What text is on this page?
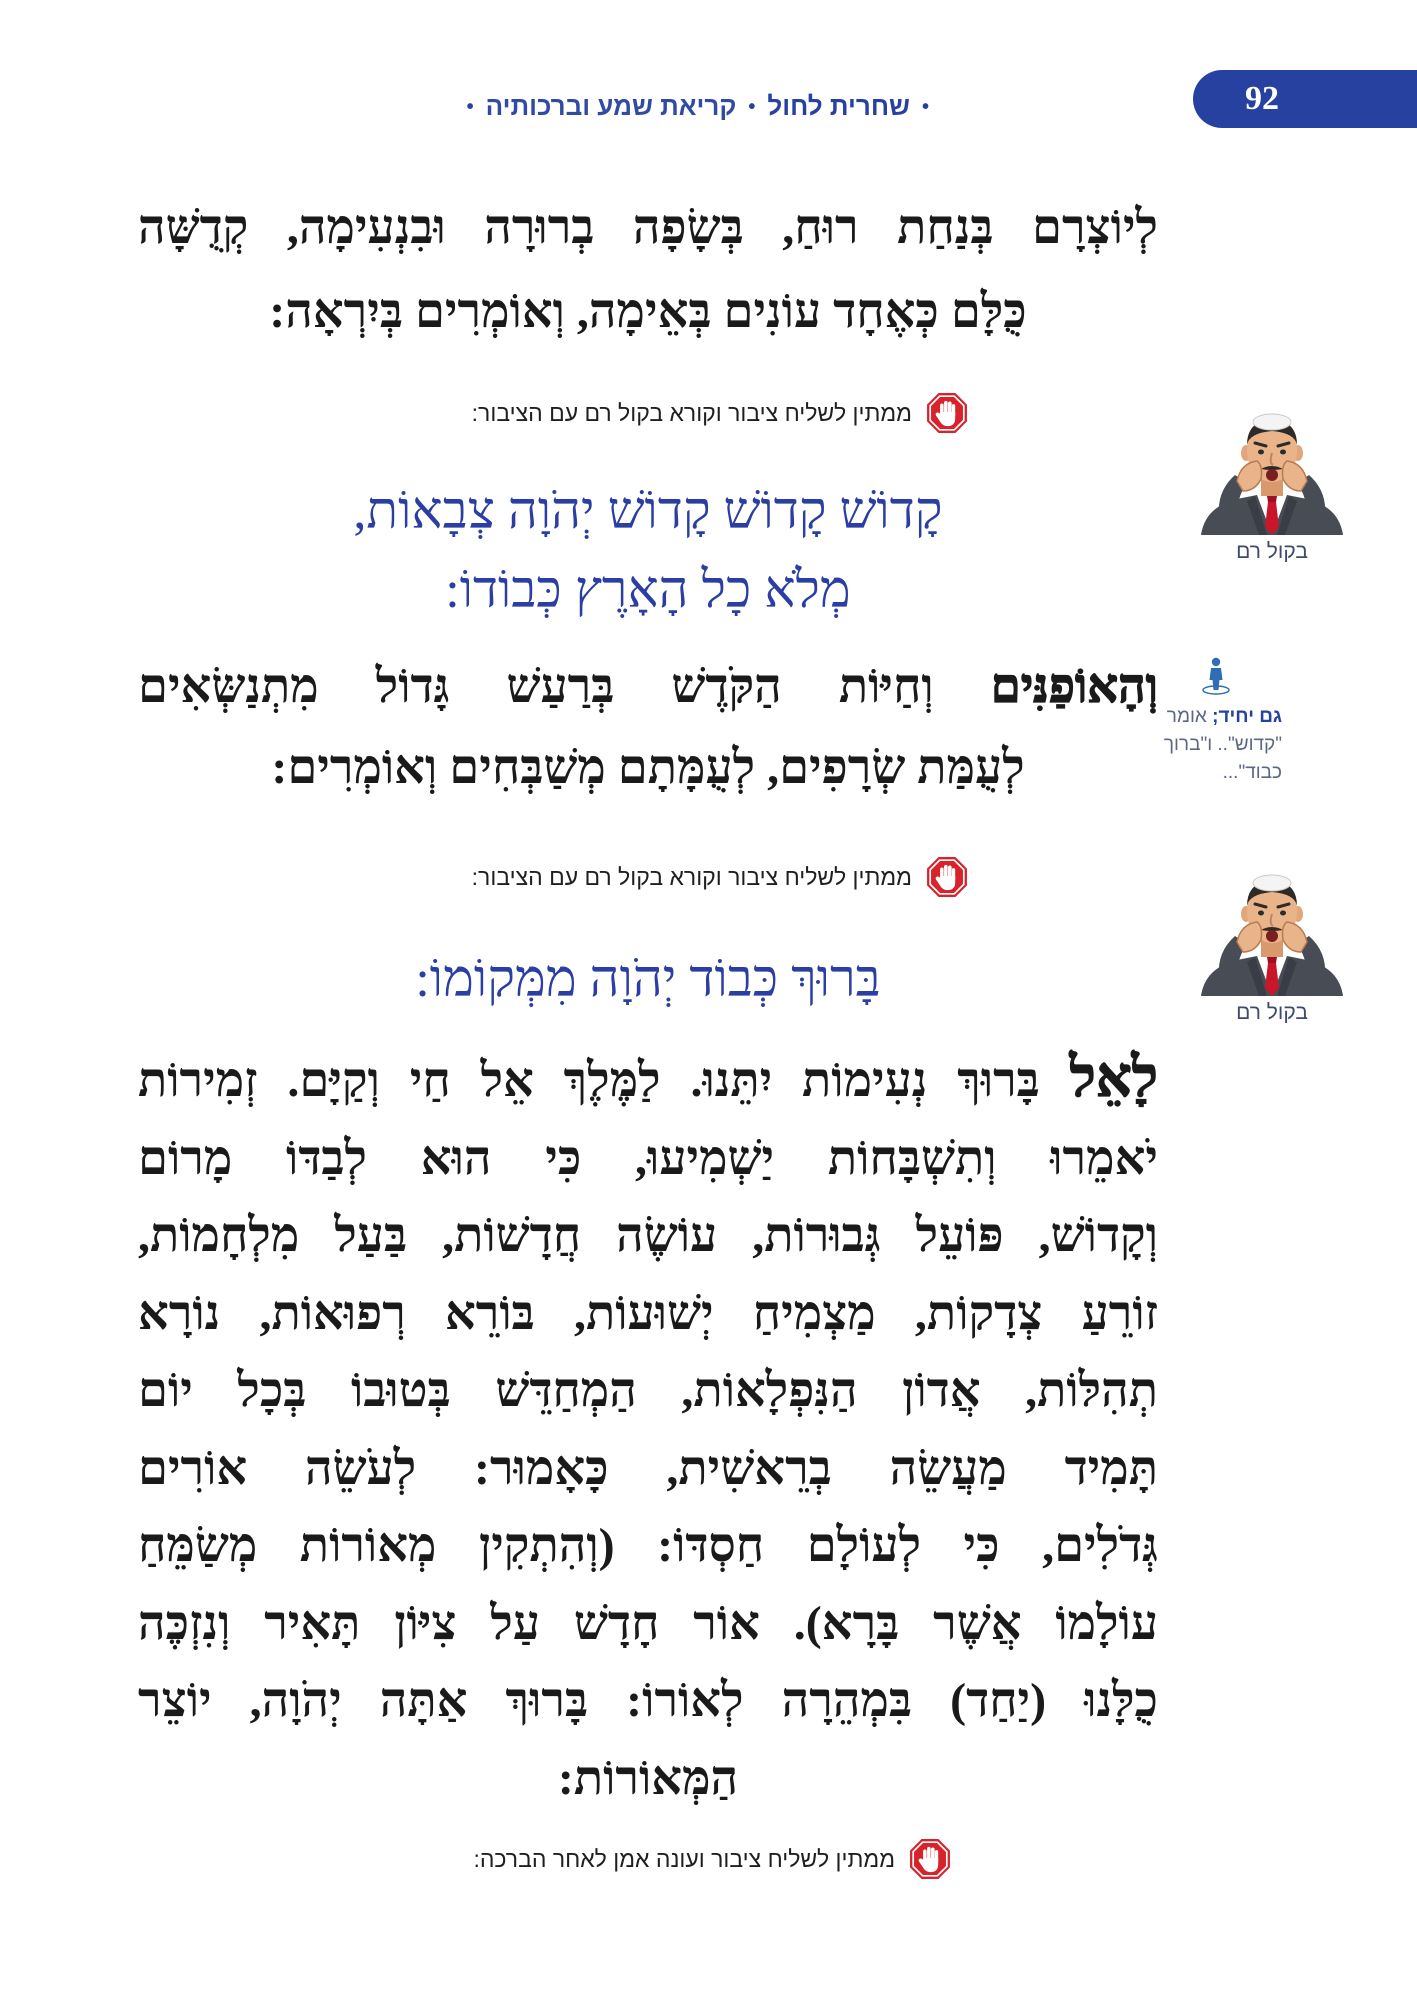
92
•שחרית לחול•קריאת שמע וברכותיה•
לְיוֹצְרָם בְּנַחַת רוּחַ, בְּשָׂפָה בְרוּרָה וּבִנְעִימָה, קְדֻשָּׁה
כֻּלָּם כְּאֶחָד עוֹנִים בְּאֵימָה, וְאוֹמְרִים בְּיִרְאָה:
ממתין לשליח ציבור וקורא בקול רם עם הציבור:
קָדוֹשׁ קָדוֹשׁ קָדוֹשׁ יְהֹוָה צְבָאוֹת,
מְלֹא כָל הָאָרֶץ כְּבוֹדוֹ:
בקול רם
וְהָאוֹפַנִּים וְחַיּוֹת הַקֹּדֶשׁ בְּרַעַשׁ גָּדוֹל מִתְנַשְּׂאִים
לְעֻמַּת שְׂרָפִים, לְעֻמָּתָם מְשַׁבְּחִים וְאוֹמְרִים:
גם יחיד; אומר
"קדוש".. ו"ברוך
כבוד"...
ממתין לשליח ציבור וקורא בקול רם עם הציבור:
בָּרוּךְ כְּבוֹד יְהֹוָה מִמְּקוֹמוֹ:
בקול רם
לָאֵל בָּרוּךְ נְעִימוֹת יִתֵּנוּ. לַמֶּלֶךְ אֵל חַי וְקַיָּם. זְמִירוֹת
יֹאמֵרוּ וְתִשְׁבָּחוֹת יַשְׁמִיעוּ, כִּי הוּא לְבַדּוֹ מָרוֹם
וְקָדוֹשׁ, פּוֹעֵל גְּבוּרוֹת, עוֹשֶׂה חֲדָשׁוֹת, בַּעַל מִלְחָמוֹת,
זוֹרֵעַ צְדָקוֹת, מַצְמִיחַ יְשׁוּעוֹת, בּוֹרֵא רְפוּאוֹת, נוֹרָא
תְהִלּוֹת, אֲדוֹן הַנִּפְלָאוֹת, הַמְחַדֵּשׁ בְּטוּבוֹ בְּכָל יוֹם
תָּמִיד מַעֲשֵׂה בְרֵאשִׁית, כָּאָמוּר: לְעֹשֵׂה אוֹרִים
גְּדֹלִים, כִּי לְעוֹלָם חַסְדּוֹ: (וְהִתְקִין מְאוֹרוֹת מְשַׂמֵּחַ
עוֹלָמוֹ אֲשֶׁר בָּרָא). אוֹר חָדָשׁ עַל צִיּוֹן תָּאִיר וְנִזְכֶּה
כֻלָּנוּ (יַחַד) בִּמְהֵרָה לְאוֹרוֹ: בָּרוּךְ אַתָּה יְהֹוָה, יוֹצֵר
הַמְּאוֹרוֹת:
ממתין לשליח ציבור ועונה אמן לאחר הברכה:
